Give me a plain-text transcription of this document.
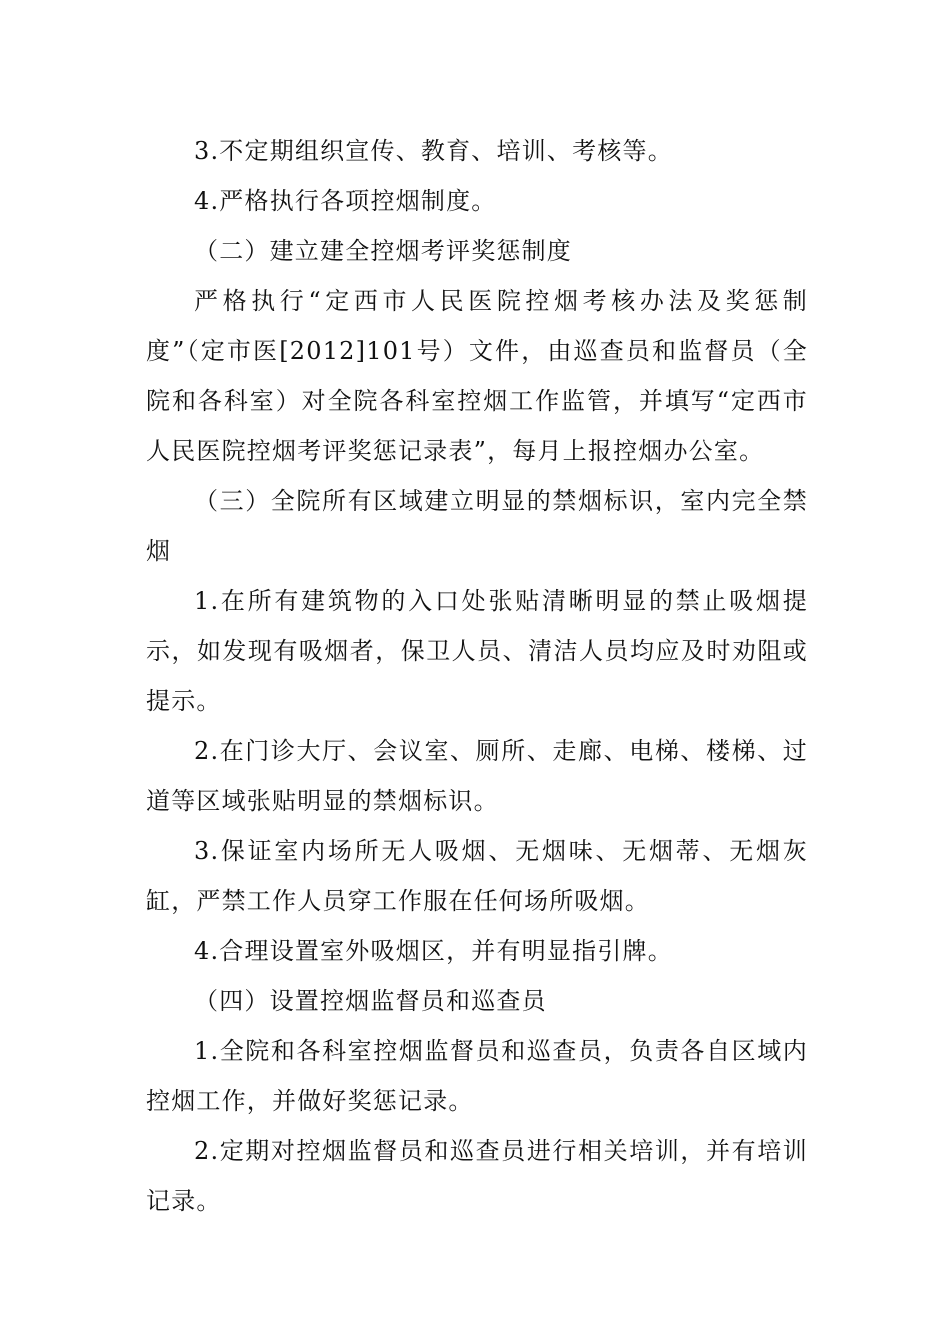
3.不定期组织宣传、教育、培训、考核等。

4.严格执行各项控烟制度。

（二）建立建全控烟考评奖惩制度

严格执行“定西市人民医院控烟考核办法及奖惩制度”（定市医[2012]101号）文件，由巡查员和监督员（全院和各科室）对全院各科室控烟工作监管，并填写“定西市人民医院控烟考评奖惩记录表”，每月上报控烟办公室。

（三）全院所有区域建立明显的禁烟标识，室内完全禁烟

1.在所有建筑物的入口处张贴清晰明显的禁止吸烟提示，如发现有吸烟者，保卫人员、清洁人员均应及时劝阻或提示。

2.在门诊大厅、会议室、厕所、走廊、电梯、楼梯、过道等区域张贴明显的禁烟标识。

3.保证室内场所无人吸烟、无烟味、无烟蒂、无烟灰缸，严禁工作人员穿工作服在任何场所吸烟。

4.合理设置室外吸烟区，并有明显指引牌。

（四）设置控烟监督员和巡查员

1.全院和各科室控烟监督员和巡查员，负责各自区域内控烟工作，并做好奖惩记录。

2.定期对控烟监督员和巡查员进行相关培训，并有培训记录。
